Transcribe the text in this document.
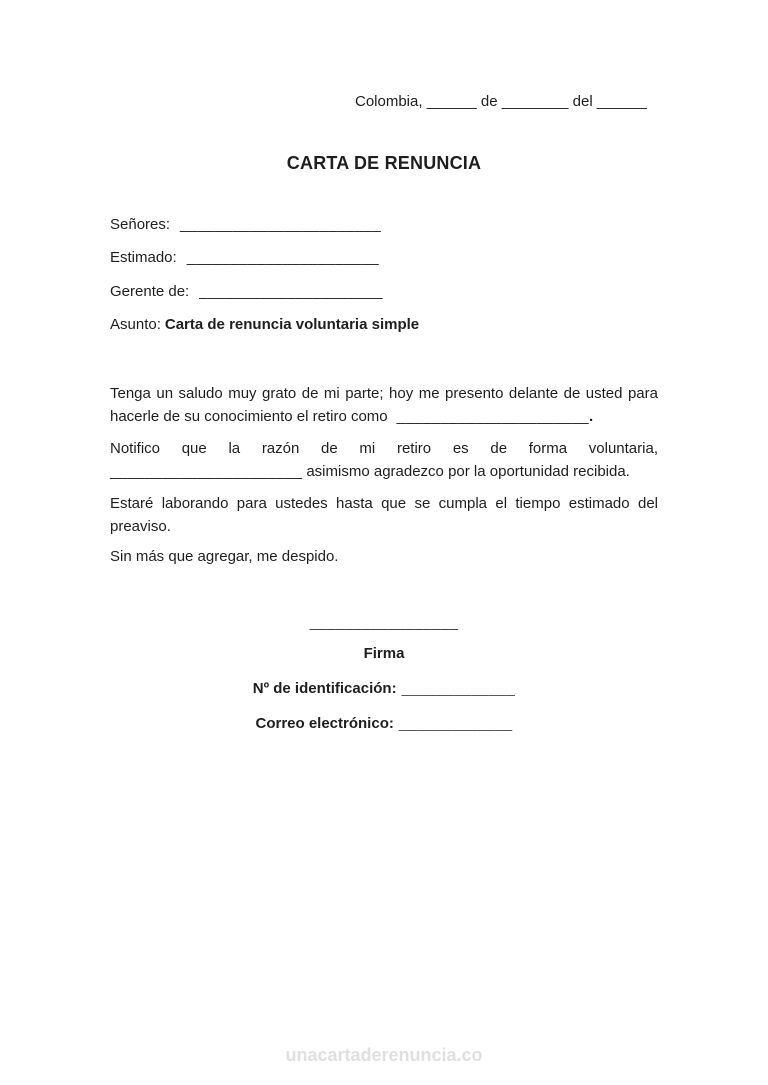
Colombia, ______ de ________ del ______
CARTA DE RENUNCIA
Señores: _______________________
Estimado: ______________________
Gerente de: _____________________
Asunto: Carta de renuncia voluntaria simple
Tenga un saludo muy grato de mi parte; hoy me presento delante de usted para
hacerle de su conocimiento el retiro como ______________________.
Notifico que la razón de mi retiro es de forma voluntaria,
______________________ asimismo agradezco por la oportunidad recibida.
Estaré laborando para ustedes hasta que se cumpla el tiempo estimado del
preaviso.
Sin más que agregar, me despido.
_________________
Firma
Nº de identificación: _____________
Correo electrónico: _____________
unacartaderenuncia.co
